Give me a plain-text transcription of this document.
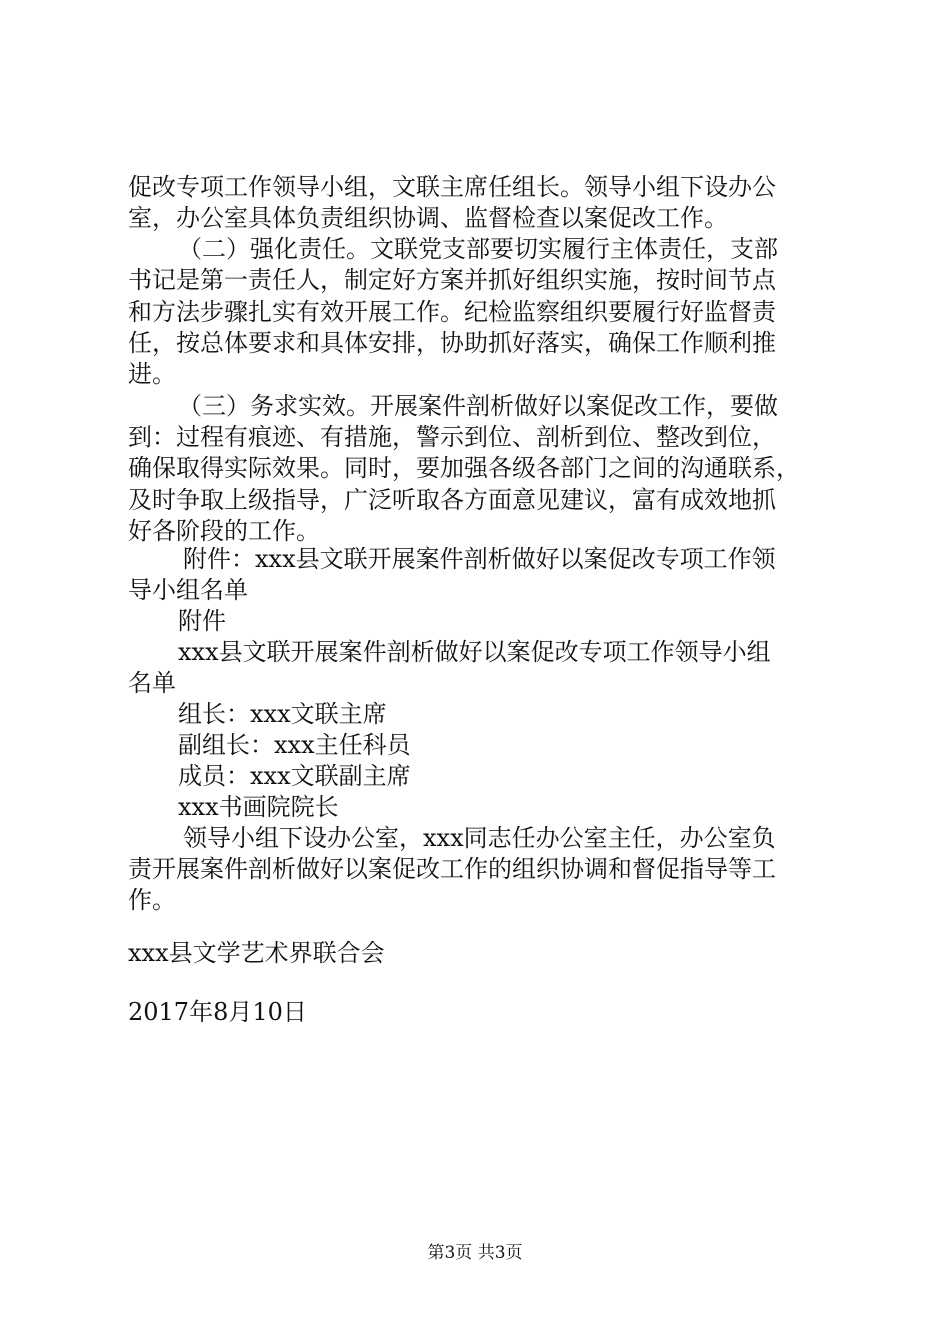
促改专项工作领导小组，文联主席任组长。领导小组下设办公
室，办公室具体负责组织协调、监督检查以案促改工作。
（二）强化责任。文联党支部要切实履行主体责任，支部
书记是第一责任人，制定好方案并抓好组织实施，按时间节点
和方法步骤扎实有效开展工作。纪检监察组织要履行好监督责
任，按总体要求和具体安排，协助抓好落实，确保工作顺利推
进。
（三）务求实效。开展案件剖析做好以案促改工作，要做
到：过程有痕迹、有措施，警示到位、剖析到位、整改到位，
确保取得实际效果。同时，要加强各级各部门之间的沟通联系，
及时争取上级指导，广泛听取各方面意见建议，富有成效地抓
好各阶段的工作。
附件：xxx县文联开展案件剖析做好以案促改专项工作领
导小组名单
附件
xxx县文联开展案件剖析做好以案促改专项工作领导小组
名单
组长：xxx文联主席
副组长：xxx主任科员
成员：xxx文联副主席
xxx书画院院长
领导小组下设办公室，xxx同志任办公室主任，办公室负
责开展案件剖析做好以案促改工作的组织协调和督促指导等工
作。
xxx县文学艺术界联合会
2017年8月10日
第3页 共3页
